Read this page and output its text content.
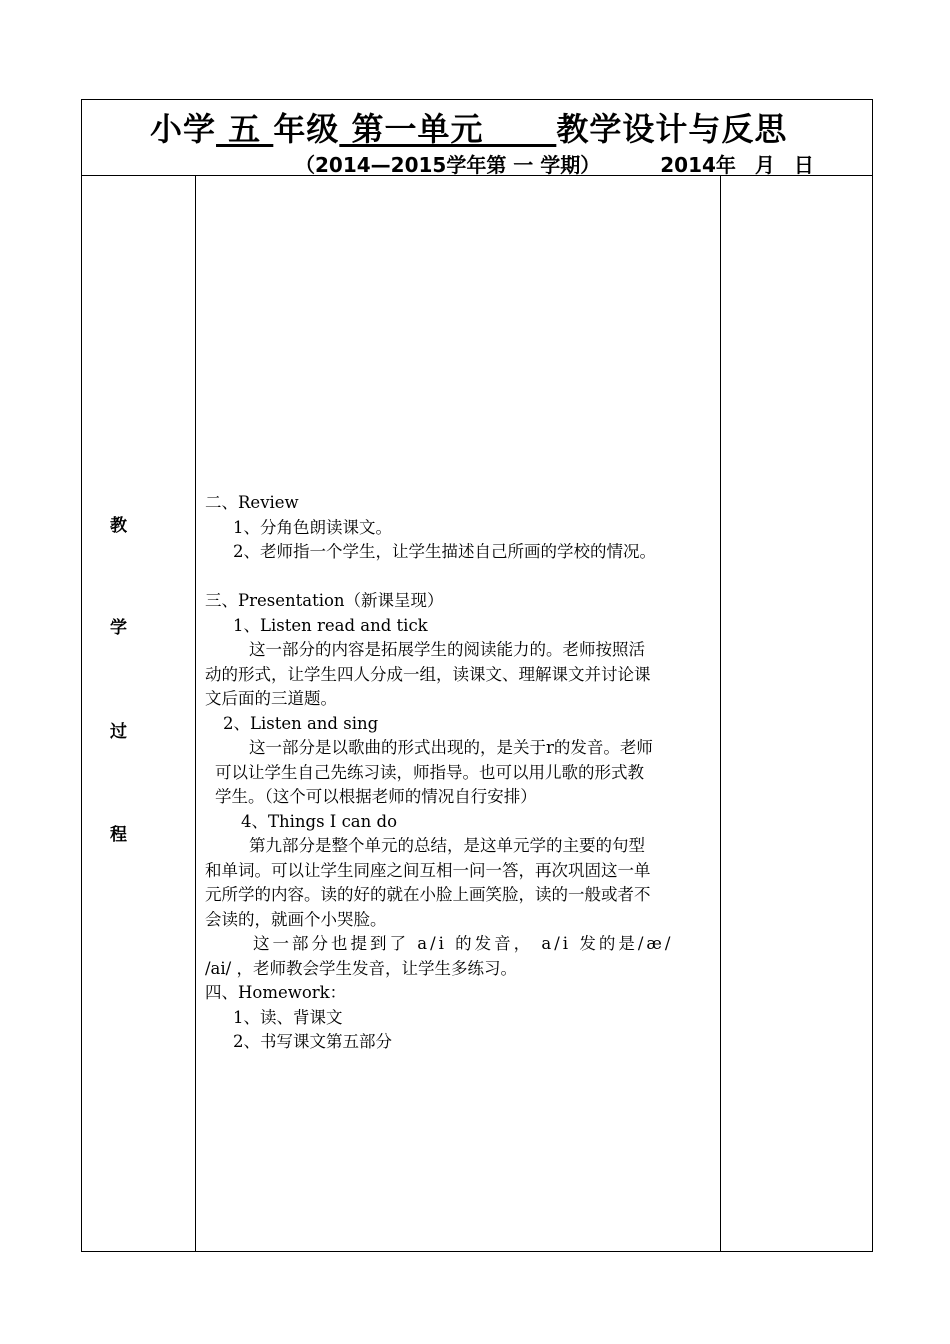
小学 五 年级 第一单元      教学设计与反思
（2014—2015学年第 一 学期）	2014年 月 日
教
学
过
程

二、Review

1、分角色朗读课文。

2、老师指一个学生，让学生描述自己所画的学校的情况。

三、Presentation（新课呈现）

1、Listen read and tick

这一部分的内容是拓展学生的阅读能力的。老师按照活

动的形式，让学生四人分成一组，读课文、理解课文并讨论课

文后面的三道题。

2、Listen and sing

这一部分是以歌曲的形式出现的，是关于r的发音。老师

可以让学生自己先练习读，师指导。也可以用儿歌的形式教

学生。（这个可以根据老师的情况自行安排）

4、Things I can do

第九部分是整个单元的总结，是这单元学的主要的句型

和单词。可以让学生同座之间互相一问一答，再次巩固这一单

元所学的内容。读的好的就在小脸上画笑脸，读的一般或者不

会读的，就画个小哭脸。

这一部分也提到了 a/i 的发音， a/i 发的是/æ/

/ai/ ，老师教会学生发音，让学生多练习。

四、Homework：

1、读、背课文

2、书写课文第五部分
